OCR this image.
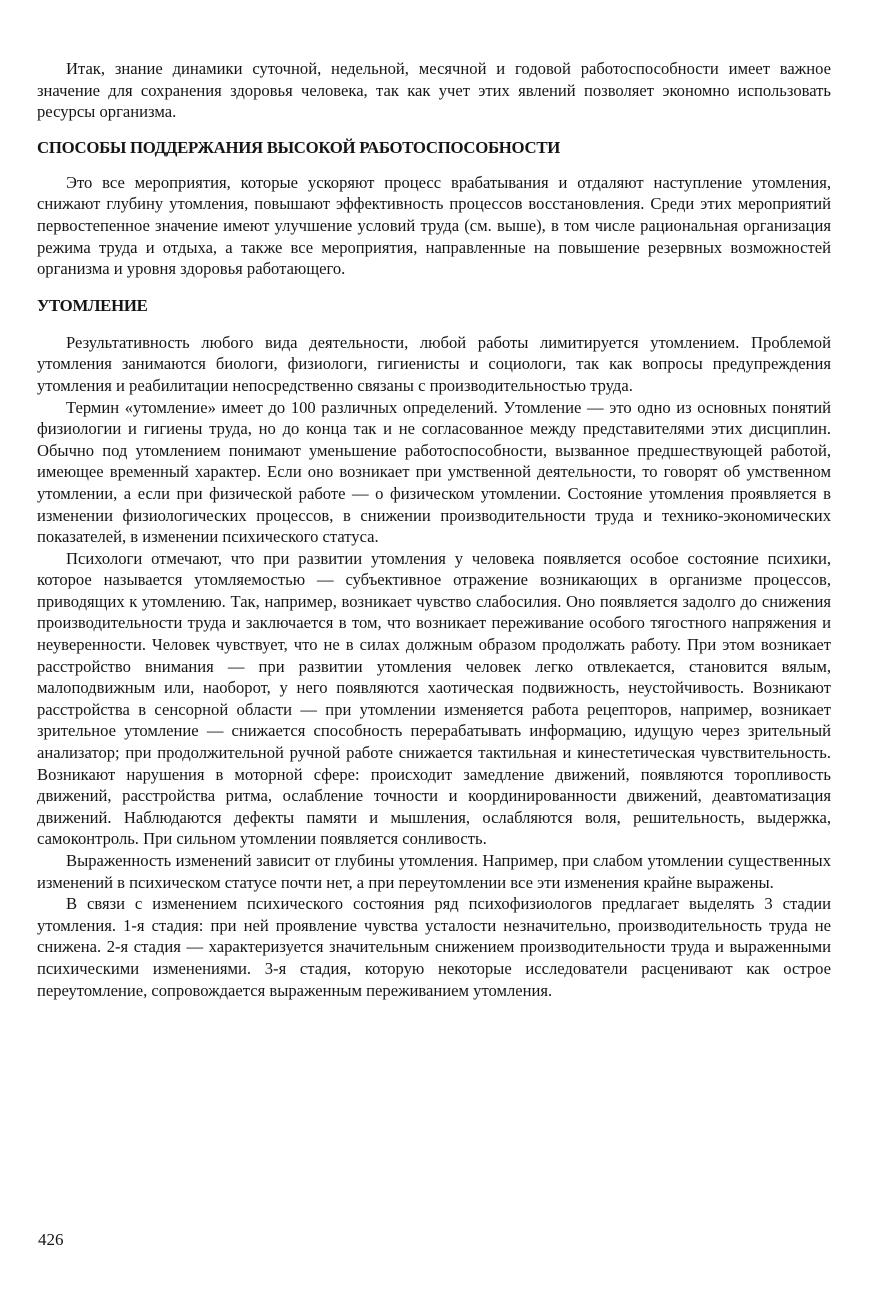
Итак, знание динамики суточной, недельной, месячной и годовой работоспособности имеет важное значение для сохранения здоровья человека, так как учет этих явлений позволяет экономно использовать ресурсы организма.

СПОСОБЫ ПОДДЕРЖАНИЯ ВЫСОКОЙ РАБОТОСПОСОБНОСТИ

Это все мероприятия, которые ускоряют процесс врабатывания и отдаляют наступление утомления, снижают глубину утомления, повышают эффективность процессов восстановления. Среди этих мероприятий первостепенное значение имеют улучшение условий труда (см. выше), в том числе рациональная организация режима труда и отдыха, а также все мероприятия, направленные на повышение резервных возможностей организма и уровня здоровья работающего.

УТОМЛЕНИЕ

Результативность любого вида деятельности, любой работы лимитируется утомлением. Проблемой утомления занимаются биологи, физиологи, гигиенисты и социологи, так как вопросы предупреждения утомления и реабилитации непосредственно связаны с производительностью труда.

Термин «утомление» имеет до 100 различных определений. Утомление — это одно из основных понятий физиологии и гигиены труда, но до конца так и не согласованное между представителями этих дисциплин. Обычно под утомлением понимают уменьшение работоспособности, вызванное предшествующей работой, имеющее временный характер. Если оно возникает при умственной деятельности, то говорят об умственном утомлении, а если при физической работе — о физическом утомлении. Состояние утомления проявляется в изменении физиологических процессов, в снижении производительности труда и технико-экономических показателей, в изменении психического статуса.

Психологи отмечают, что при развитии утомления у человека появляется особое состояние психики, которое называется утомляемостью — субъективное отражение возникающих в организме процессов, приводящих к утомлению. Так, например, возникает чувство слабосилия. Оно появляется задолго до снижения производительности труда и заключается в том, что возникает переживание особого тягостного напряжения и неуверенности. Человек чувствует, что не в силах должным образом продолжать работу. При этом возникает расстройство внимания — при развитии утомления человек легко отвлекается, становится вялым, малоподвижным или, наоборот, у него появляются хаотическая подвижность, неустойчивость. Возникают расстройства в сенсорной области — при утомлении изменяется работа рецепторов, например, возникает зрительное утомление — снижается способность перерабатывать информацию, идущую через зрительный анализатор; при продолжительной ручной работе снижается тактильная и кинестетическая чувствительность. Возникают нарушения в моторной сфере: происходит замедление движений, появляются торопливость движений, расстройства ритма, ослабление точности и координированности движений, деавтоматизация движений. Наблюдаются дефекты памяти и мышления, ослабляются воля, решительность, выдержка, самоконтроль. При сильном утомлении появляется сонливость.

Выраженность изменений зависит от глубины утомления. Например, при слабом утомлении существенных изменений в психическом статусе почти нет, а при переутомлении все эти изменения крайне выражены.

В связи с изменением психического состояния ряд психофизиологов предлагает выделять 3 стадии утомления. 1-я стадия: при ней проявление чувства усталости незначительно, производительность труда не снижена. 2-я стадия — характеризуется значительным снижением производительности труда и выраженными психическими изменениями. 3-я стадия, которую некоторые исследователи расценивают как острое переутомление, сопровождается выраженным переживанием утомления.

426
